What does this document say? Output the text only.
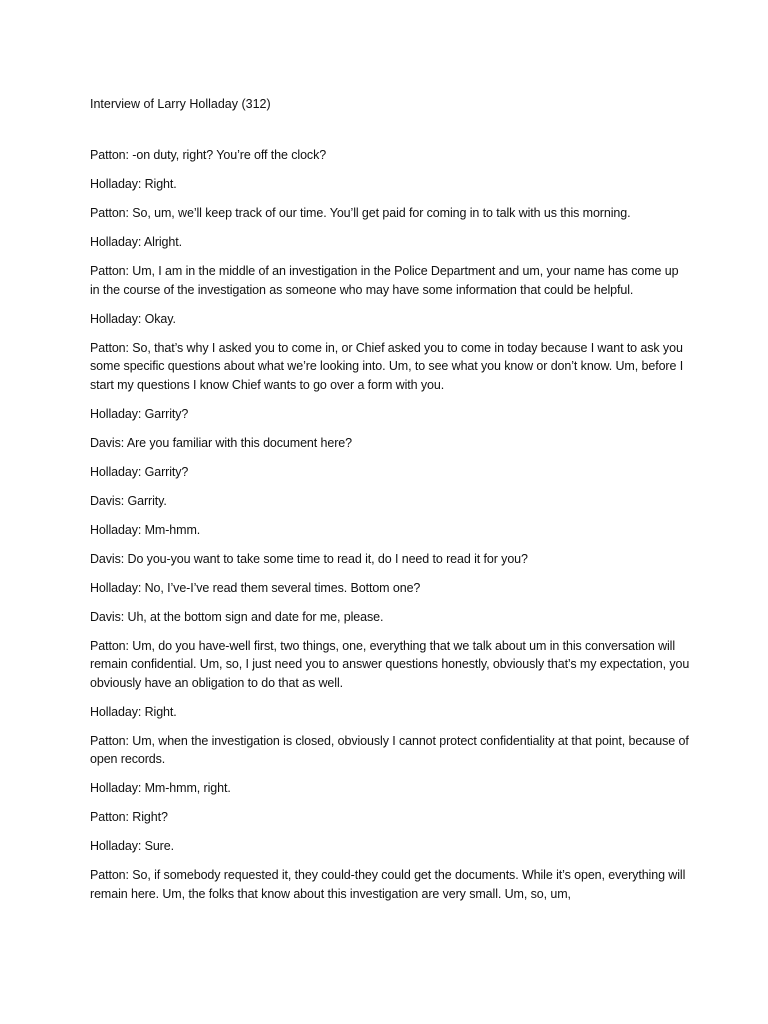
Interview of Larry Holladay (312)

Patton : -on duty, right? You’re off the clock?
Holladay : Right.
Patton : So, um, we’ll keep track of our time. You’ll get paid for coming in to talk with us this morning.
Holladay : Alright.
Patton : Um, I am in the middle of an investigation in the Police Department and um, your name has come up in the course of the investigation as someone who may have some information that could be helpful.
Holladay : Okay.
Patton : So, that’s why I asked you to come in, or Chief asked you to come in today because I want to ask you some specific questions about what we’re looking into. Um, to see what you know or don’t know. Um, before I start my questions I know Chief wants to go over a form with you.
Holladay : Garrity?
Davis : Are you familiar with this document here?
Holladay : Garrity?
Davis : Garrity.
Holladay : Mm-hmm.
Davis : Do you-you want to take some time to read it, do I need to read it for you?
Holladay : No, I’ve-I’ve read them several times. Bottom one?
Davis : Uh, at the bottom sign and date for me, please.
Patton : Um, do you have-well first, two things, one, everything that we talk about um in this conversation will remain confidential. Um, so, I just need you to answer questions honestly, obviously that’s my expectation, you obviously have an obligation to do that as well.
Holladay : Right.
Patton : Um, when the investigation is closed, obviously I cannot protect confidentiality at that point, because of open records.
Holladay : Mm-hmm, right.
Patton : Right?
Holladay : Sure.
Patton : So, if somebody requested it, they could-they could get the documents. While it’s open, everything will remain here. Um, the folks that know about this investigation are very small. Um, so, um,
